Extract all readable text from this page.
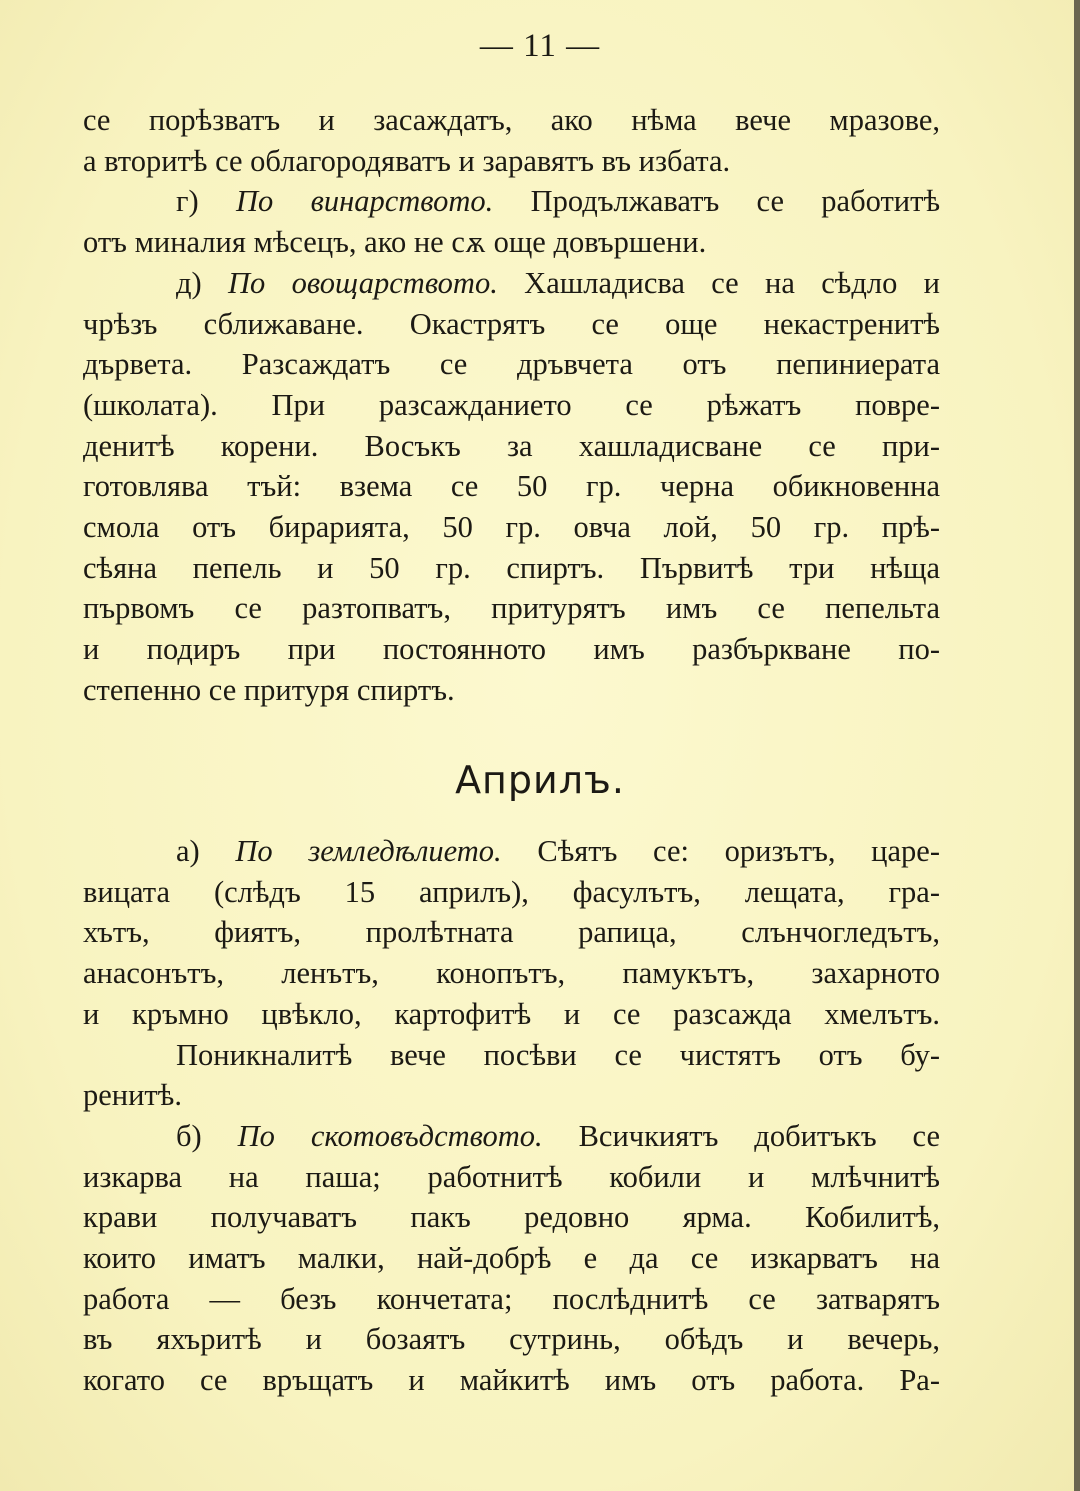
— 11 —
се порѣзватъ и засаждатъ, ако нѣма вече мразове,
а вторитѣ се облагородяватъ и заравятъ въ избата.
г) По винарството. Продължаватъ се работитѣ
отъ миналия мѣсецъ, ако не сѫ още довършени.
д) По овощарството. Хашладисва се на сѣдло и
чрѣзъ сближаване. Окастрятъ се още некастренитѣ
дървета. Разсаждатъ се дръвчета отъ пепиниерата
(школата). При разсажданието се рѣжатъ повре-
денитѣ корени. Восъкъ за хашладисване се при-
готовлява тъй: взема се 50 гр. черна обикновенна
смола отъ бирарията, 50 гр. овча лой, 50 гр. прѣ-
сѣяна пепель и 50 гр. спиртъ. Първитѣ три нѣща
първомъ се разтопватъ, притурятъ имъ се пепельта
и подиръ при постоянното имъ разбъркване по-
степенно се притуря спиртъ.
Априлъ.
а) По земледѣлието. Сѣятъ се: оризътъ, царе-
вицата (слѣдъ 15 априлъ), фасулътъ, лещата, гра-
хътъ, фиятъ, пролѣтната рапица, слънчогледътъ,
анасонътъ, ленътъ, конопътъ, памукътъ, захарното
и кръмно цвѣкло, картофитѣ и се разсажда хмелътъ.
Поникналитѣ вече посѣви се чистятъ отъ бу-
ренитѣ.
б) По скотовъдството. Всичкиятъ добитъкъ се
изкарва на паша; работнитѣ кобили и млѣчнитѣ
крави получаватъ пакъ редовно ярма. Кобилитѣ,
които иматъ малки, най-добрѣ е да се изкарватъ на
работа — безъ кончетата; послѣднитѣ се затварятъ
въ яхъритѣ и бозаятъ сутринь, обѣдъ и вечерь,
когато се връщатъ и майкитѣ имъ отъ работа. Ра-
